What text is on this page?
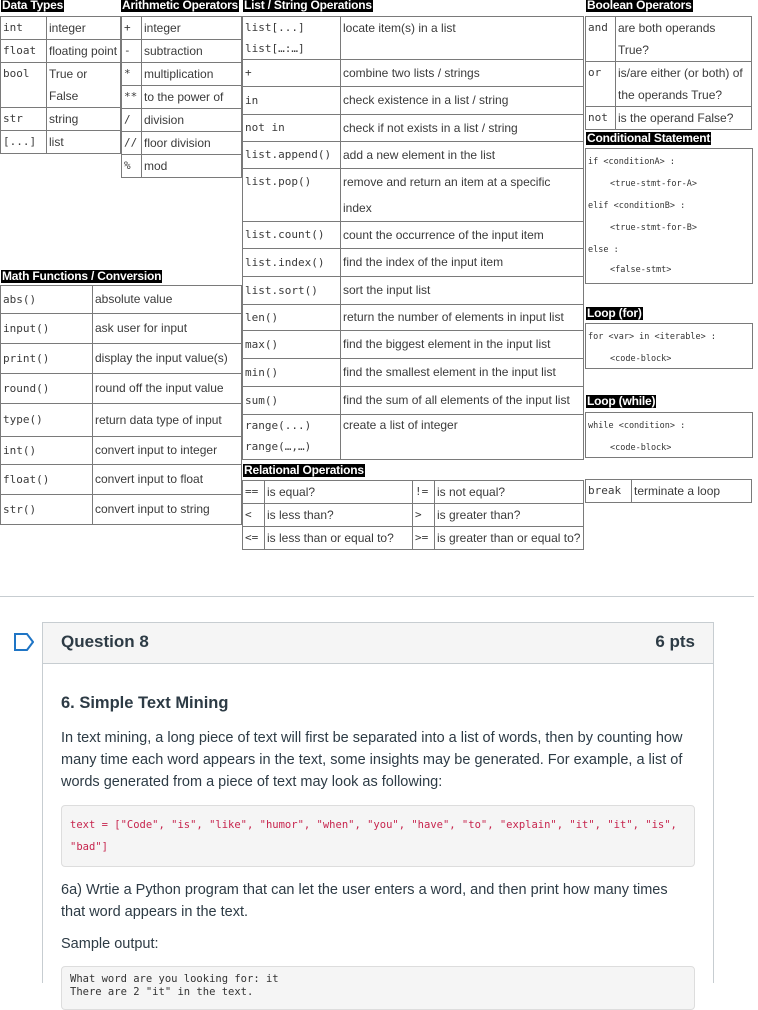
Data Types	Arithmetic Operators List / String Operations	Boolean Operators
Math Functions / Conversion
Conditional Statement
Loop (for)
Loop (while)
Relational Operations
int	integer
float	floating point
bool	True or False
str	string
[...]	list
+	integer
-	subtraction
*	multiplication
**	to the power of
/	division
//	floor division
%	mod
list[...]
list[…:…]	locate item(s) in a list
+	combine two lists / strings
in	check existence in a list / string
not in	check if not exists in a list / string
list.append()	add a new element in the list
list.pop()	remove and return an item at a specific index
list.count()	count the occurrence of the input item
list.index()	find the index of the input item
list.sort()	sort the input list
len()	return the number of elements in input list
max()	find the biggest element in the input list
min()	find the smallest element in the input list
sum()	find the sum of all elements of the input list
range(...)
range(…,…)	create a list of integer
and	are both operands True?
or	is/are either (or both) of the operands True?
not	is the operand False?
abs()	absolute value
input()	ask user for input
print()	display the input value(s)
round()	round off the input value
type()	return data type of input
int()	convert input to integer
float()	convert input to float
str()	convert input to string
==	is equal?	!=	is not equal?
<	is less than?	>	is greater than?
<=	is less than or equal to?	>=	is greater than or equal to?
if <conditionA> :
<true-stmt-for-A>
elif <conditionB> :
<true-stmt-for-B>
else :
<false-stmt>
for <var> in <iterable> :
<code-block>
while <condition> :
<code-block>
break	terminate a loop
Question 8	6 pts
6. Simple Text Mining
In text mining, a long piece of text will first be separated into a list of words, then by counting how many time each word appears in the text, some insights may be generated. For example, a list of words generated from a piece of text may look as following:
text = ["Code", "is", "like", "humor", "when", "you", "have", "to", "explain", "it", "it", "is", "bad"]
6a) Wrtie a Python program that can let the user enters a word, and then print how many times that word appears in the text.
Sample output:
What word are you looking for: it
There are 2 "it" in the text.
